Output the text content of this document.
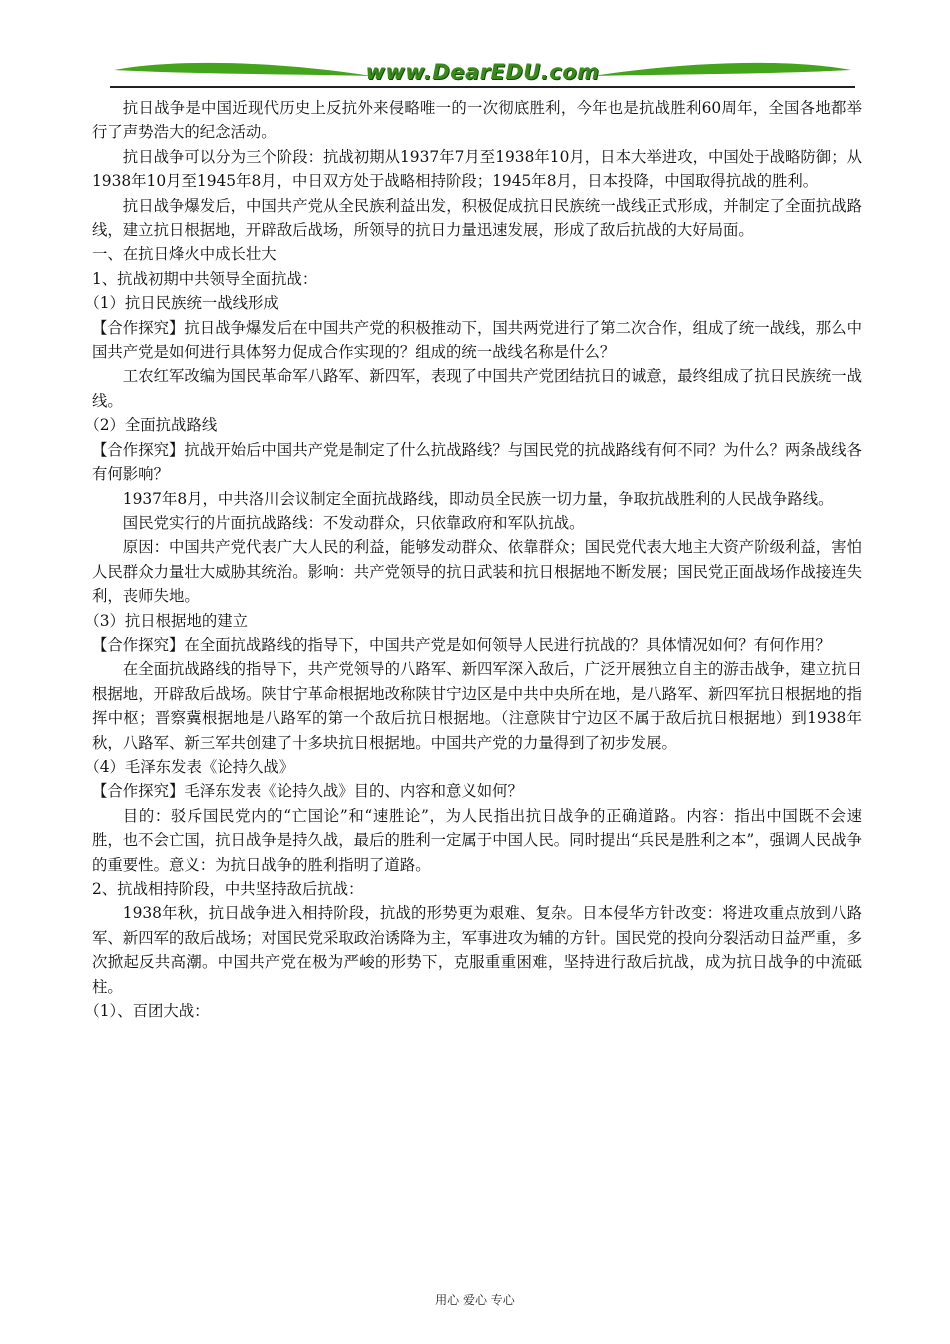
www.DearEDU.com

抗日战争是中国近现代历史上反抗外来侵略唯一的一次彻底胜利，今年也是抗战胜利60周年，全国各地都举行了声势浩大的纪念活动。

抗日战争可以分为三个阶段：抗战初期从1937年7月至1938年10月，日本大举进攻，中国处于战略防御；从1938年10月至1945年8月，中日双方处于战略相持阶段；1945年8月，日本投降，中国取得抗战的胜利。

抗日战争爆发后，中国共产党从全民族利益出发，积极促成抗日民族统一战线正式形成，并制定了全面抗战路线，建立抗日根据地，开辟敌后战场，所领导的抗日力量迅速发展，形成了敌后抗战的大好局面。

一、在抗日烽火中成长壮大

1、抗战初期中共领导全面抗战：

（1）抗日民族统一战线形成

【合作探究】抗日战争爆发后在中国共产党的积极推动下，国共两党进行了第二次合作，组成了统一战线，那么中国共产党是如何进行具体努力促成合作实现的？组成的统一战线名称是什么？

工农红军改编为国民革命军八路军、新四军，表现了中国共产党团结抗日的诚意，最终组成了抗日民族统一战线。

（2）全面抗战路线

【合作探究】抗战开始后中国共产党是制定了什么抗战路线？与国民党的抗战路线有何不同？为什么？两条战线各有何影响？

1937年8月，中共洛川会议制定全面抗战路线，即动员全民族一切力量，争取抗战胜利的人民战争路线。

国民党实行的片面抗战路线：不发动群众，只依靠政府和军队抗战。

原因：中国共产党代表广大人民的利益，能够发动群众、依靠群众；国民党代表大地主大资产阶级利益，害怕人民群众力量壮大威胁其统治。影响：共产党领导的抗日武装和抗日根据地不断发展；国民党正面战场作战接连失利，丧师失地。

（3）抗日根据地的建立

【合作探究】在全面抗战路线的指导下，中国共产党是如何领导人民进行抗战的？具体情况如何？有何作用？

在全面抗战路线的指导下，共产党领导的八路军、新四军深入敌后，广泛开展独立自主的游击战争，建立抗日根据地，开辟敌后战场。陕甘宁革命根据地改称陕甘宁边区是中共中央所在地，是八路军、新四军抗日根据地的指挥中枢；晋察冀根据地是八路军的第一个敌后抗日根据地。（注意陕甘宁边区不属于敌后抗日根据地）到1938年秋，八路军、新三军共创建了十多块抗日根据地。中国共产党的力量得到了初步发展。

（4）毛泽东发表《论持久战》

【合作探究】毛泽东发表《论持久战》目的、内容和意义如何？

目的：驳斥国民党内的“亡国论”和“速胜论”，为人民指出抗日战争的正确道路。内容：指出中国既不会速胜，也不会亡国，抗日战争是持久战，最后的胜利一定属于中国人民。同时提出“兵民是胜利之本”，强调人民战争的重要性。意义：为抗日战争的胜利指明了道路。

2、抗战相持阶段，中共坚持敌后抗战：

1938年秋，抗日战争进入相持阶段，抗战的形势更为艰难、复杂。日本侵华方针改变：将进攻重点放到八路军、新四军的敌后战场；对国民党采取政治诱降为主，军事进攻为辅的方针。国民党的投向分裂活动日益严重，多次掀起反共高潮。中国共产党在极为严峻的形势下，克服重重困难，坚持进行敌后抗战，成为抗日战争的中流砥柱。

（1）、百团大战：

用心 爱心 专心
